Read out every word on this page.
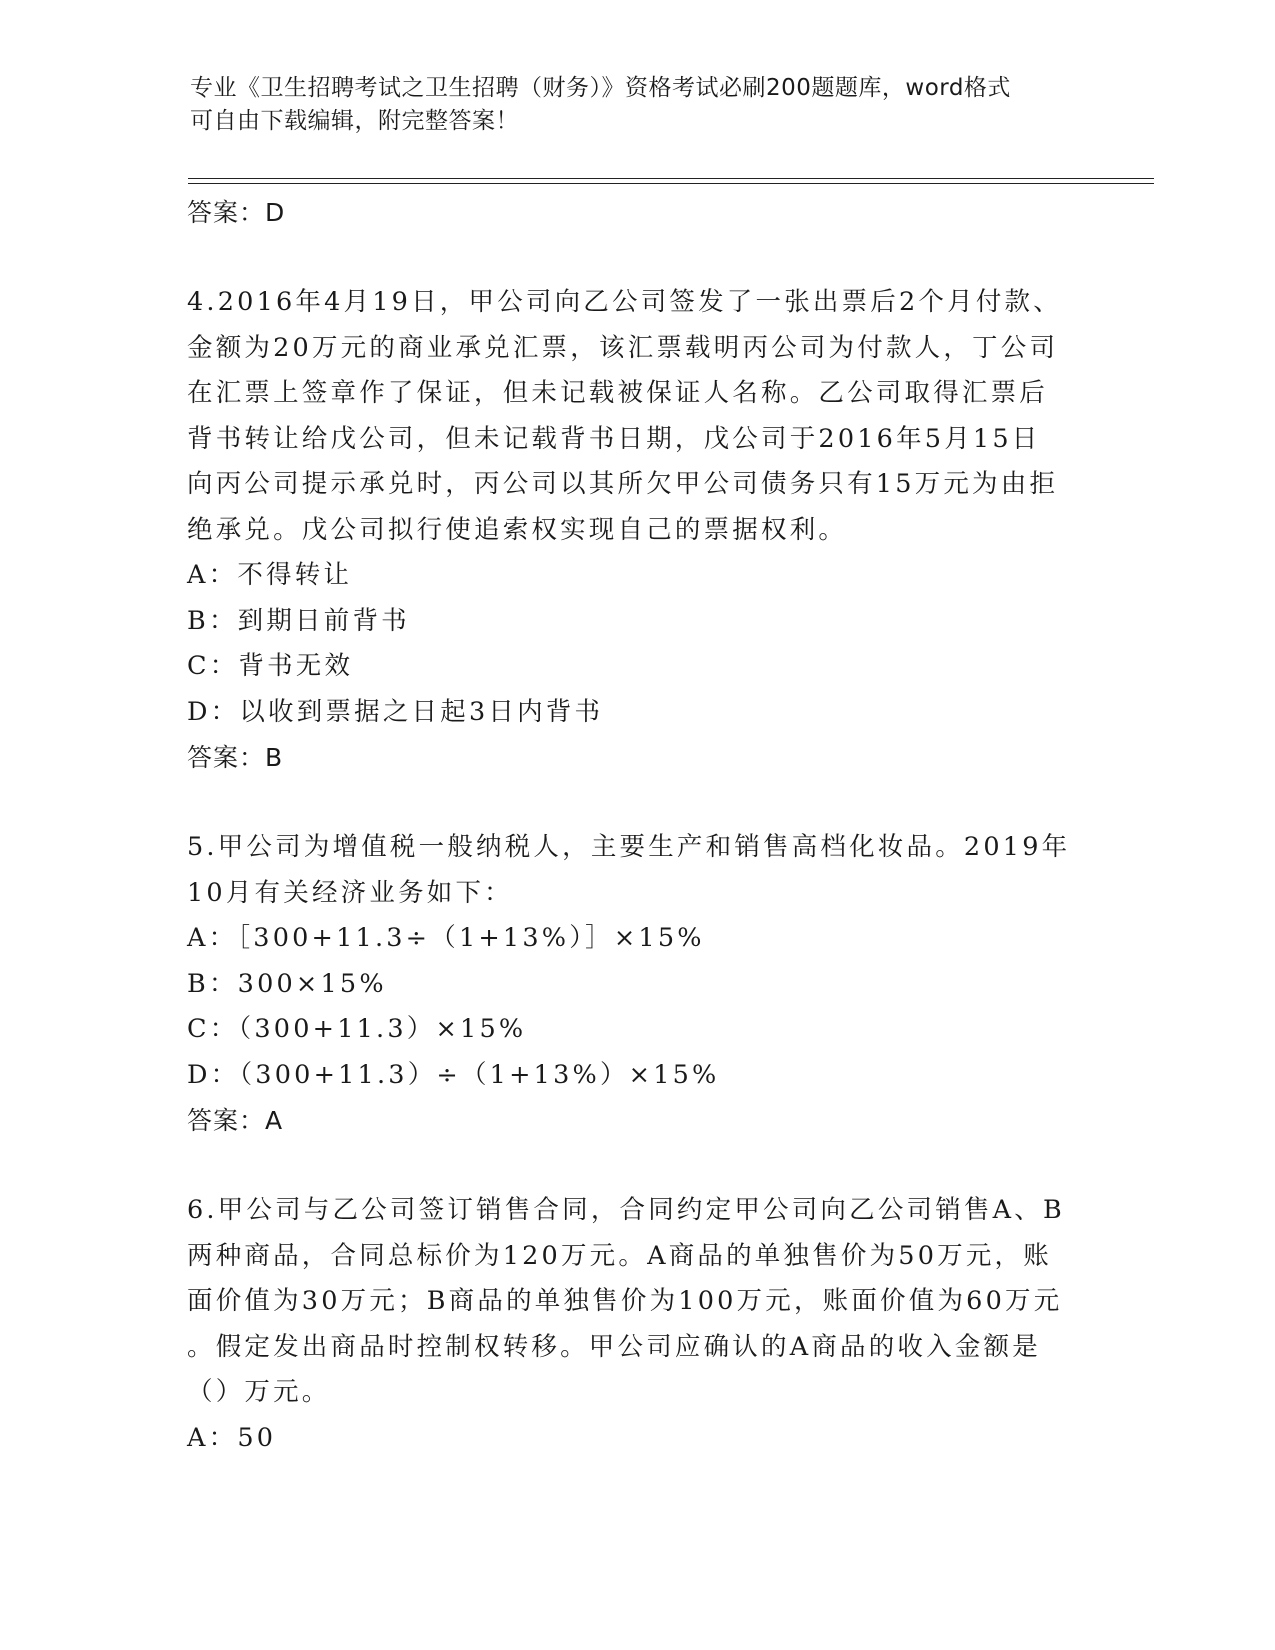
专业《卫生招聘考试之卫生招聘（财务）》资格考试必刷200题题库，word格式
可自由下载编辑，附完整答案！
答案：D
4.2016年4月19日，甲公司向乙公司签发了一张出票后2个月付款、
金额为20万元的商业承兑汇票，该汇票载明丙公司为付款人，丁公司
在汇票上签章作了保证，但未记载被保证人名称。乙公司取得汇票后
背书转让给戊公司，但未记载背书日期，戊公司于2016年5月15日
向丙公司提示承兑时，丙公司以其所欠甲公司债务只有15万元为由拒
绝承兑。戊公司拟行使追索权实现自己的票据权利。
A：不得转让
B：到期日前背书
C：背书无效
D：以收到票据之日起3日内背书
答案：B
5.甲公司为增值税一般纳税人，主要生产和销售高档化妆品。2019年
10月有关经济业务如下：
A：［300+11.3÷（1+13%）］×15%
B：300×15%
C：（300+11.3）×15%
D：（300+11.3）÷（1+13%）×15%
答案：A
6.甲公司与乙公司签订销售合同，合同约定甲公司向乙公司销售A、B
两种商品，合同总标价为120万元。A商品的单独售价为50万元，账
面价值为30万元；B商品的单独售价为100万元，账面价值为60万元
。假定发出商品时控制权转移。甲公司应确认的A商品的收入金额是
（）万元。
A：50
